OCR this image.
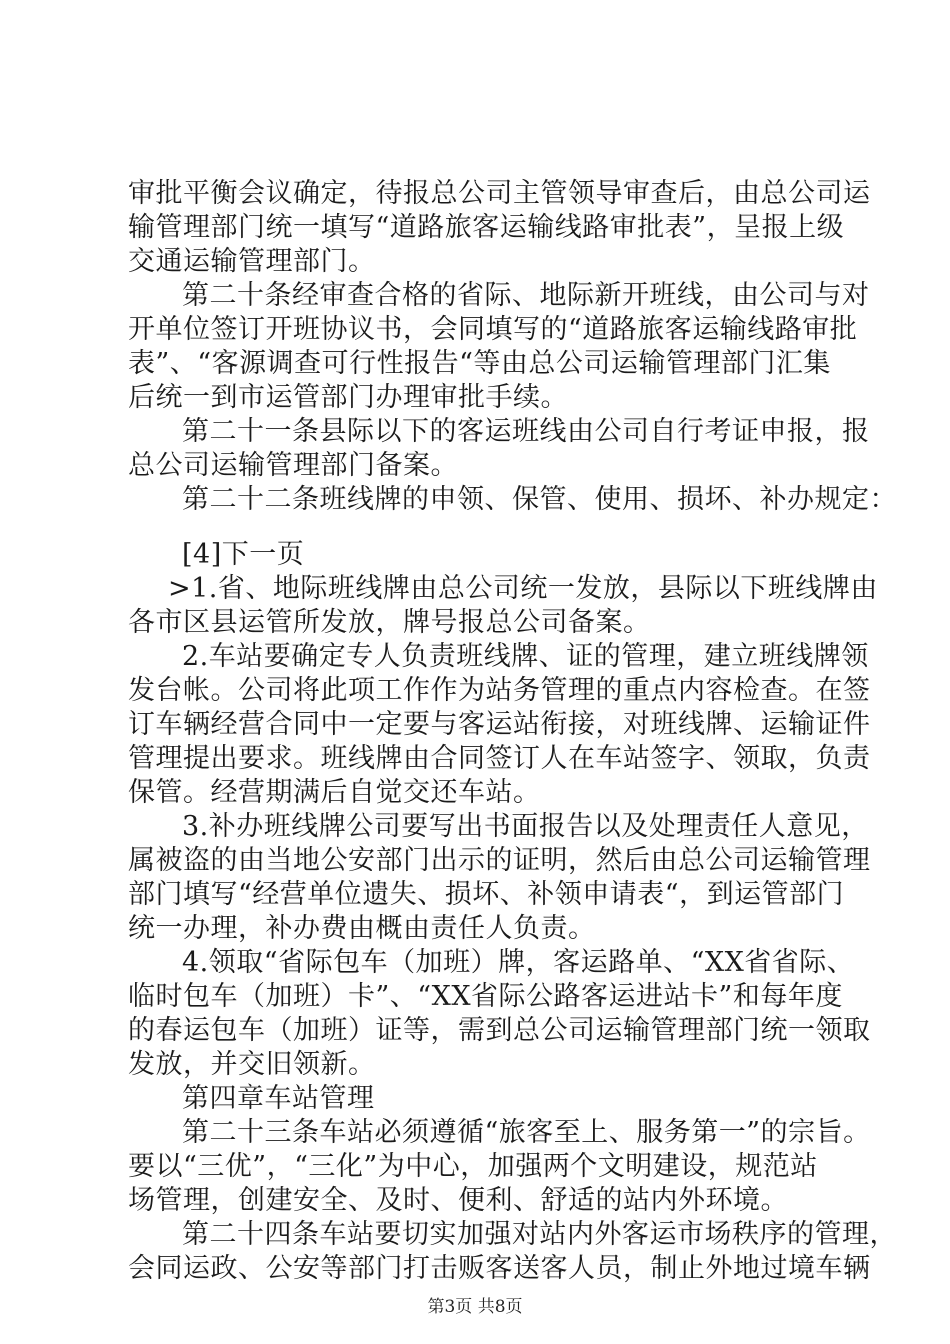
审批平衡会议确定，待报总公司主管领导审查后，由总公司运
输管理部门统一填写“道路旅客运输线路审批表”，呈报上级
交通运输管理部门。
第二十条经审查合格的省际、地际新开班线，由公司与对
开单位签订开班协议书，会同填写的“道路旅客运输线路审批
表”、“客源调查可行性报告“等由总公司运输管理部门汇集
后统一到市运管部门办理审批手续。
第二十一条县际以下的客运班线由公司自行考证申报，报
总公司运输管理部门备案。
第二十二条班线牌的申领、保管、使用、损坏、补办规定：
[4]下一页
>1.省、地际班线牌由总公司统一发放，县际以下班线牌由
各市区县运管所发放，牌号报总公司备案。
2.车站要确定专人负责班线牌、证的管理，建立班线牌领
发台帐。公司将此项工作作为站务管理的重点内容检查。在签
订车辆经营合同中一定要与客运站衔接，对班线牌、运输证件
管理提出要求。班线牌由合同签订人在车站签字、领取，负责
保管。经营期满后自觉交还车站。
3.补办班线牌公司要写出书面报告以及处理责任人意见，
属被盗的由当地公安部门出示的证明，然后由总公司运输管理
部门填写“经营单位遗失、损坏、补领申请表“，到运管部门
统一办理，补办费由概由责任人负责。
4.领取“省际包车（加班）牌，客运路单、“XX省省际、
临时包车（加班）卡”、“XX省际公路客运进站卡”和每年度
的春运包车（加班）证等，需到总公司运输管理部门统一领取
发放，并交旧领新。
第四章车站管理
第二十三条车站必须遵循“旅客至上、服务第一”的宗旨。
要以“三优”，“三化”为中心，加强两个文明建设，规范站
场管理，创建安全、及时、便利、舒适的站内外环境。
第二十四条车站要切实加强对站内外客运市场秩序的管理，
会同运政、公安等部门打击贩客送客人员，制止外地过境车辆
第3页 共8页
